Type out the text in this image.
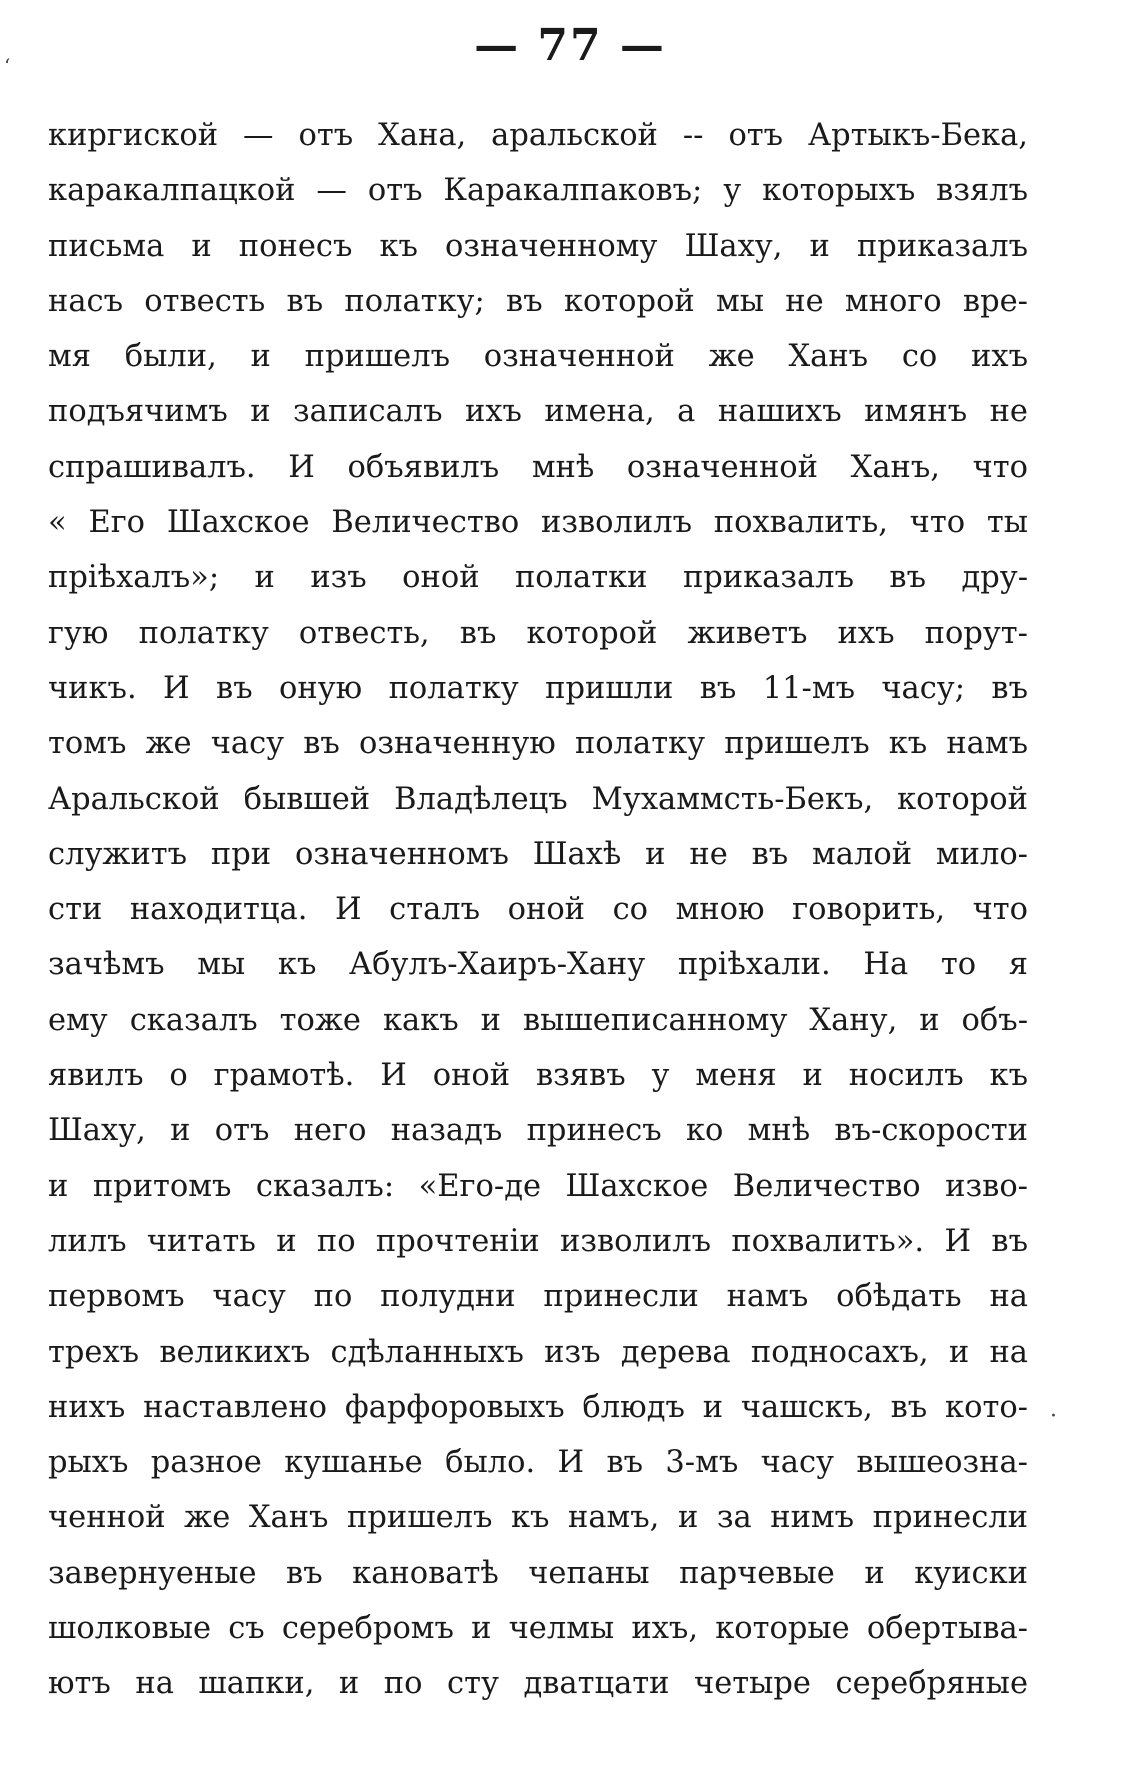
ʻ	— 77 —
киргиской — отъ Хана, аральской -- отъ Артыкъ-Бека,
каракалпацкой — отъ Каракалпаковъ; у которыхъ взялъ
письма и понесъ къ означенному Шаху, и приказалъ
насъ отвесть въ полатку; въ которой мы не много вре-
мя были, и пришелъ означенной же Ханъ со ихъ
подъячимъ и записалъ ихъ имена, а нашихъ имянъ не
спрашивалъ. И объявилъ мнѣ означенной Ханъ, что
« Его Шахское Величество изволилъ похвалить, что ты
пріѣхалъ»; и изъ оной полатки приказалъ въ дру-
гую полатку отвесть, въ которой живетъ ихъ порут-
чикъ. И въ оную полатку пришли въ 11-мъ часу; въ
томъ же часу въ означенную полатку пришелъ къ намъ
Аральской бывшей Владѣлецъ Мухаммсть-Бекъ, которой
служитъ при означенномъ Шахѣ и не въ малой мило-
сти находитца. И сталъ оной со мною говорить, что
зачѣмъ мы къ Абулъ-Хаиръ-Хану пріѣхали. На то я
ему сказалъ тоже какъ и вышеписанному Хану, и объ-
явилъ о грамотѣ. И оной взявъ у меня и носилъ къ
Шаху, и отъ него назадъ принесъ ко мнѣ въ-скорости
и притомъ сказалъ: «Его-де Шахское Величество изво-
лилъ читать и по прочтеніи изволилъ похвалить». И въ
первомъ часу по полудни принесли намъ обѣдать на
трехъ великихъ сдѣланныхъ изъ дерева подносахъ, и на
нихъ наставлено фарфоровыхъ блюдъ и чашскъ, въ кото-
рыхъ разное кушанье было. И въ 3-мъ часу вышеозна-
ченной же Ханъ пришелъ къ намъ, и за нимъ принесли
завернуеные въ кановатѣ чепаны парчевые и куиски
шолковые съ серебромъ и челмы ихъ, которые обертыва-
ютъ на шапки, и по сту дватцати четыре серебряные
·
